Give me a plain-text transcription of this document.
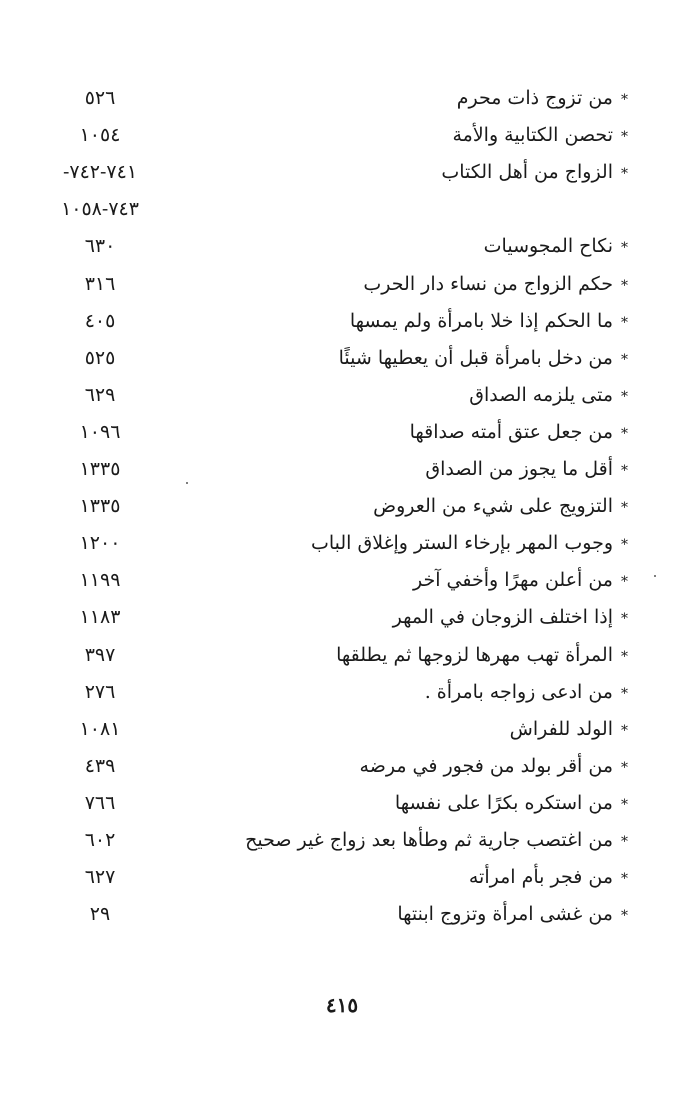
*من تزوج ذات محرم
٥٢٦
*تحصن الكتابية والأمة
١٠٥٤
*الزواج من أهل الكتاب
٧٤١-٧٤٢-
٧٤٣-١٠٥٨
*نكاح المجوسيات
٦٣٠
*حكم الزواج من نساء دار الحرب
٣١٦
*ما الحكم إذا خلا بامرأة ولم يمسها
٤٠٥
*من دخل بامرأة قبل أن يعطيها شيئًا
٥٢٥
*متى يلزمه الصداق
٦٢٩
*من جعل عتق أمته صداقها
١٠٩٦
*أقل ما يجوز من الصداق
١٣٣٥
*التزويج على شيء من العروض
١٣٣٥
*وجوب المهر بإرخاء الستر وإغلاق الباب
١٢٠٠
*من أعلن مهرًا وأخفي آخر
١١٩٩
*إذا اختلف الزوجان في المهر
١١٨٣
*المرأة تهب مهرها لزوجها ثم يطلقها
٣٩٧
*من ادعى زواجه بامرأة .
٢٧٦
*الولد للفراش
١٠٨١
*من أقر بولد من فجور في مرضه
٤٣٩
*من استكره بكرًا على نفسها
٧٦٦
*من اغتصب جارية ثم وطأها بعد زواج غير صحيح
٦٠٢
*من فجر بأم امرأته
٦٢٧
*من غشى امرأة وتزوج ابنتها
٢٩
٤١٥
